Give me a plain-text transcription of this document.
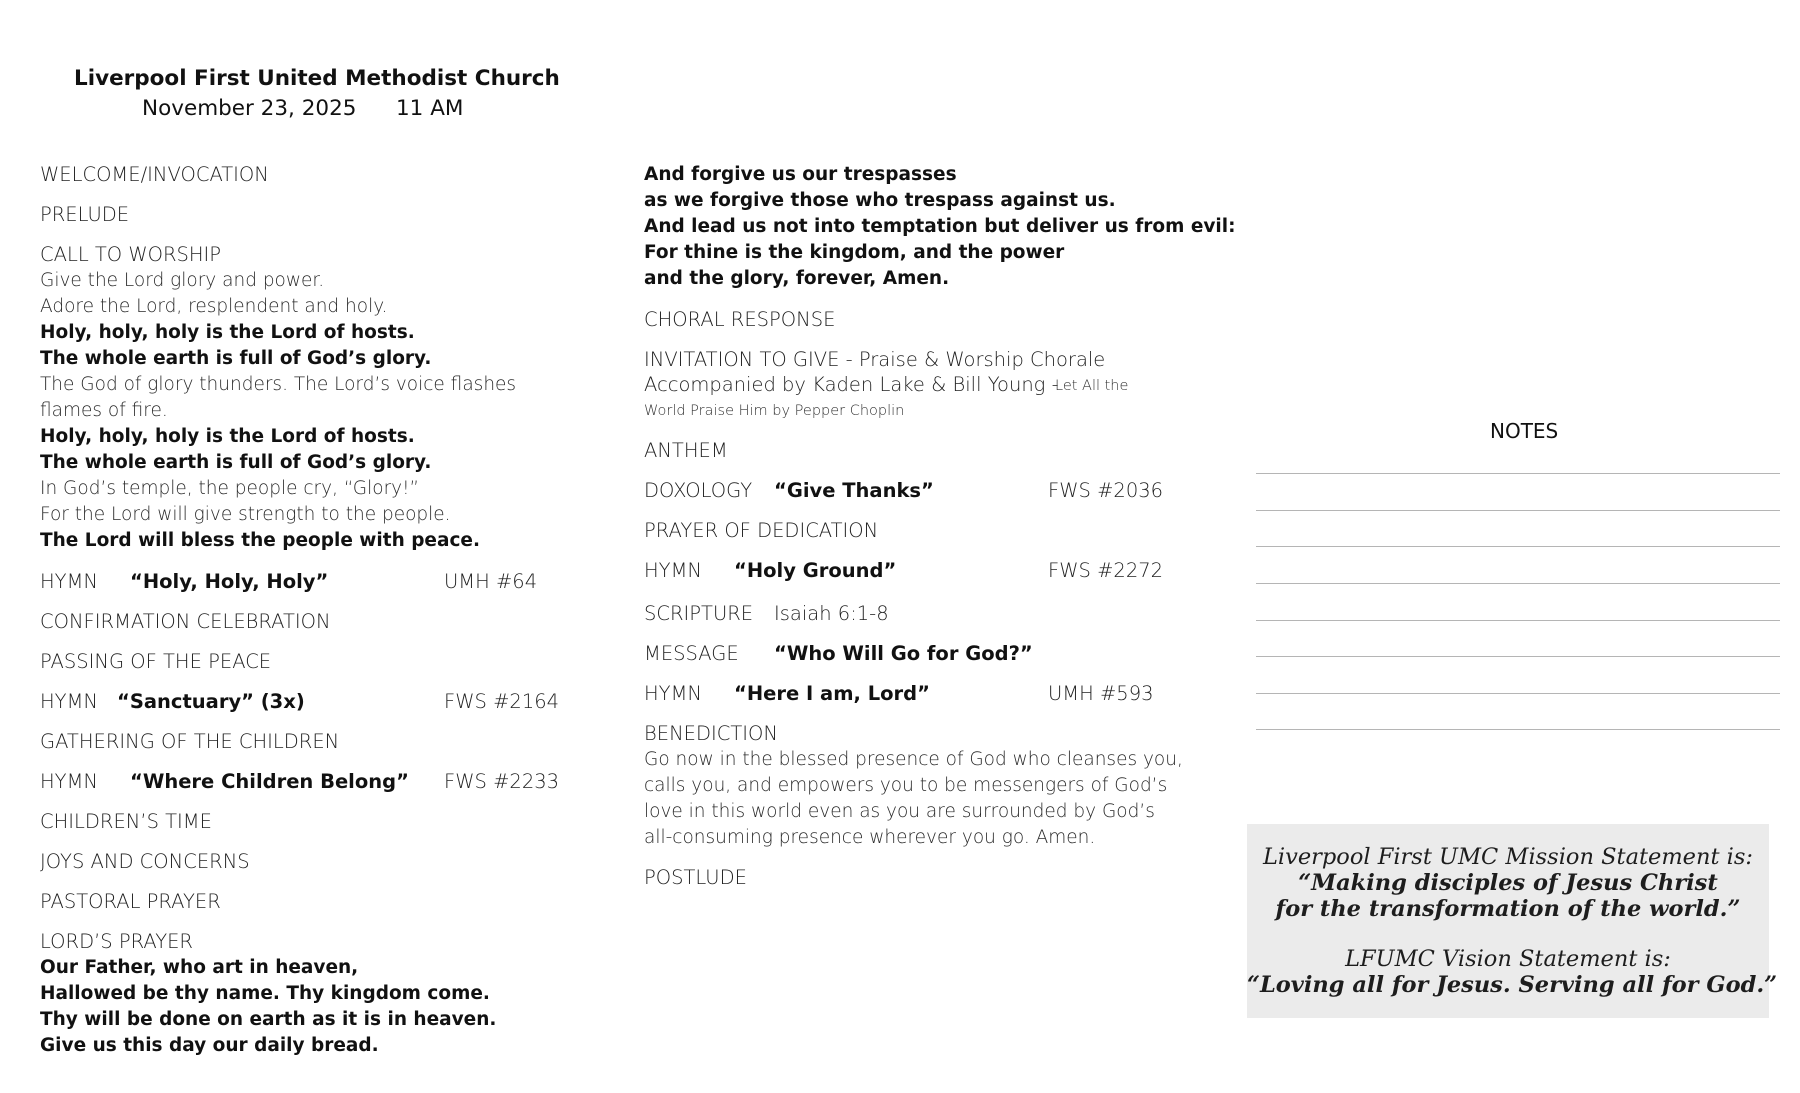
Liverpool First United Methodist Church
November 23, 2025 11 AM
WELCOME/INVOCATION
PRELUDE
CALL TO WORSHIP
Give the Lord glory and power.
Adore the Lord, resplendent and holy.
Holy, holy, holy is the Lord of hosts.
The whole earth is full of God’s glory.
The God of glory thunders. The Lord’s voice flashes
flames of fire.
Holy, holy, holy is the Lord of hosts.
The whole earth is full of God’s glory.
In God’s temple, the people cry, “Glory!”
For the Lord will give strength to the people.
The Lord will bless the people with peace.
HYMN “Holy, Holy, Holy”	UMH #64
CONFIRMATION CELEBRATION
PASSING OF THE PEACE
HYMN “Sanctuary” (3x)	FWS #2164
GATHERING OF THE CHILDREN
HYMN “Where Children Belong” FWS #2233
CHILDREN’S TIME
JOYS AND CONCERNS
PASTORAL PRAYER
LORD’S PRAYER
Our Father, who art in heaven,
Hallowed be thy name. Thy kingdom come.
Thy will be done on earth as it is in heaven.
Give us this day our daily bread.
And forgive us our trespasses
as we forgive those who trespass against us.
And lead us not into temptation but deliver us from evil:
For thine is the kingdom, and the power
and the glory, forever, Amen.
CHORAL RESPONSE
INVITATION TO GIVE - Praise & Worship Chorale
Accompanied by Kaden Lake & Bill Young -
Let All the
World Praise Him by Pepper Choplin
ANTHEM
DOXOLOGY “Give Thanks”	FWS #2036
PRAYER OF DEDICATION
HYMN “Holy Ground”	FWS #2272
SCRIPTURE Isaiah 6:1-8
MESSAGE “Who Will Go for God?”
HYMN “Here I am, Lord”	UMH #593
BENEDICTION
Go now in the blessed presence of God who cleanses you,
calls you, and empowers you to be messengers of God’s
love in this world even as you are surrounded by God’s
all-consuming presence wherever you go. Amen.
POSTLUDE
NOTES
Liverpool First UMC Mission Statement is:
“Making disciples of Jesus Christ
for the transformation of the world.”
LFUMC Vision Statement is:
“Loving all for Jesus. Serving all for God.”
